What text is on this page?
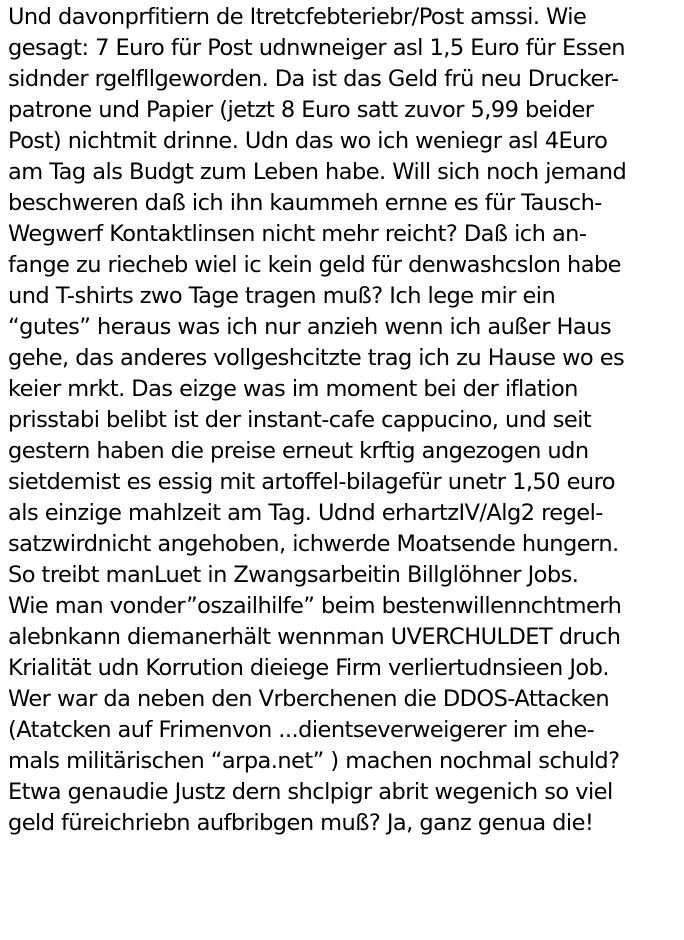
Und davonprfitiern de Itretcfebteriebr/Post amssi. Wie
gesagt: 7 Euro für Post udnwneiger asl 1,5 Euro für Essen
sidnder rgelfllgeworden. Da ist das Geld frü neu Drucker-
patrone und Papier (jetzt 8 Euro satt zuvor 5,99 beider
Post) nichtmit drinne. Udn das wo ich weniegr asl 4Euro
am Tag als Budgt zum Leben habe. Will sich noch jemand
beschweren daß ich ihn kaummeh ernne es für Tausch-
Wegwerf Kontaktlinsen nicht mehr reicht? Daß ich an-
fange zu riecheb wiel ic kein geld für denwashcslon habe
und T-shirts zwo Tage tragen muß? Ich lege mir ein
“gutes” heraus was ich nur anzieh wenn ich außer Haus
gehe, das anderes vollgeshcitzte trag ich zu Hause wo es
keier mrkt. Das eizge was im moment bei der iflation
prisstabi belibt ist der instant-cafe cappucino, und seit
gestern haben die preise erneut krftig angezogen udn
sietdemist es essig mit artoffel-bilagefür unetr 1,50 euro
als einzige mahlzeit am Tag. Udnd erhartzIV/Alg2 regel-
satzwirdnicht angehoben, ichwerde Moatsende hungern.
So treibt manLuet in Zwangsarbeitin Billglöhner Jobs.
Wie man vonder”oszailhilfe” beim bestenwillennchtmerh
alebnkann diemanerhält wennman UVERCHULDET druch
Krialität udn Korrution dieiege Firm verliertudnsieen Job.
Wer war da neben den Vrberchenen die DDOS-Attacken
(Atatcken auf Frimenvon ...dientseverweigerer im ehe-
mals militärischen “arpa.net” ) machen nochmal schuld?
Etwa genaudie Justz dern shclpigr abrit wegenich so viel
geld füreichriebn aufbribgen muß? Ja, ganz genua die!
